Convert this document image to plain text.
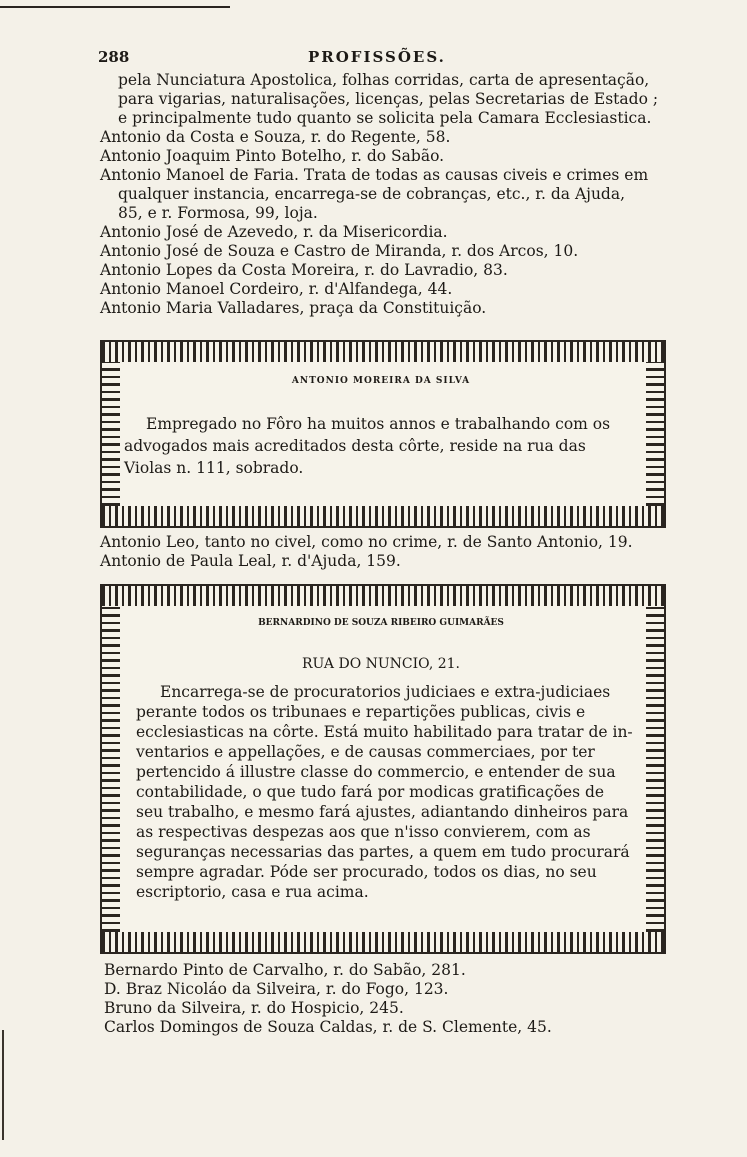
288	PROFISSÕES.
pela Nunciatura Apostolica, folhas corridas, carta de apresentação,
para vigarias, naturalisações, licenças, pelas Secretarias de Estado ;
e principalmente tudo quanto se solicita pela Camara Ecclesiastica.
Antonio da Costa e Souza, r. do Regente, 58.
Antonio Joaquim Pinto Botelho, r. do Sabão.
Antonio Manoel de Faria. Trata de todas as causas civeis e crimes em
qualquer instancia, encarrega-se de cobranças, etc., r. da Ajuda,
85, e r. Formosa, 99, loja.
Antonio José de Azevedo, r. da Misericordia.
Antonio José de Souza e Castro de Miranda, r. dos Arcos, 10.
Antonio Lopes da Costa Moreira, r. do Lavradio, 83.
Antonio Manoel Cordeiro, r. d'Alfandega, 44.
Antonio Maria Valladares, praça da Constituição.
ANTONIO MOREIRA DA SILVA
Empregado no Fôro ha muitos annos e trabalhando com os
advogados mais acreditados desta côrte, reside na rua das
Violas n. 111, sobrado.
Antonio Leo, tanto no civel, como no crime, r. de Santo Antonio, 19.
Antonio de Paula Leal, r. d'Ajuda, 159.
BERNARDINO DE SOUZA RIBEIRO GUIMARÃES
RUA DO NUNCIO, 21.
Encarrega-se de procuratorios judiciaes e extra-judiciaes
perante todos os tribunaes e repartições publicas, civis e
ecclesiasticas na côrte. Está muito habilitado para tratar de in-
ventarios e appellações, e de causas commerciaes, por ter
pertencido á illustre classe do commercio, e entender de sua
contabilidade, o que tudo fará por modicas gratificações de
seu trabalho, e mesmo fará ajustes, adiantando dinheiros para
as respectivas despezas aos que n'isso convierem, com as
seguranças necessarias das partes, a quem em tudo procurará
sempre agradar. Póde ser procurado, todos os dias, no seu
escriptorio, casa e rua acima.
Bernardo Pinto de Carvalho, r. do Sabão, 281.
D. Braz Nicoláo da Silveira, r. do Fogo, 123.
Bruno da Silveira, r. do Hospicio, 245.
Carlos Domingos de Souza Caldas, r. de S. Clemente, 45.
